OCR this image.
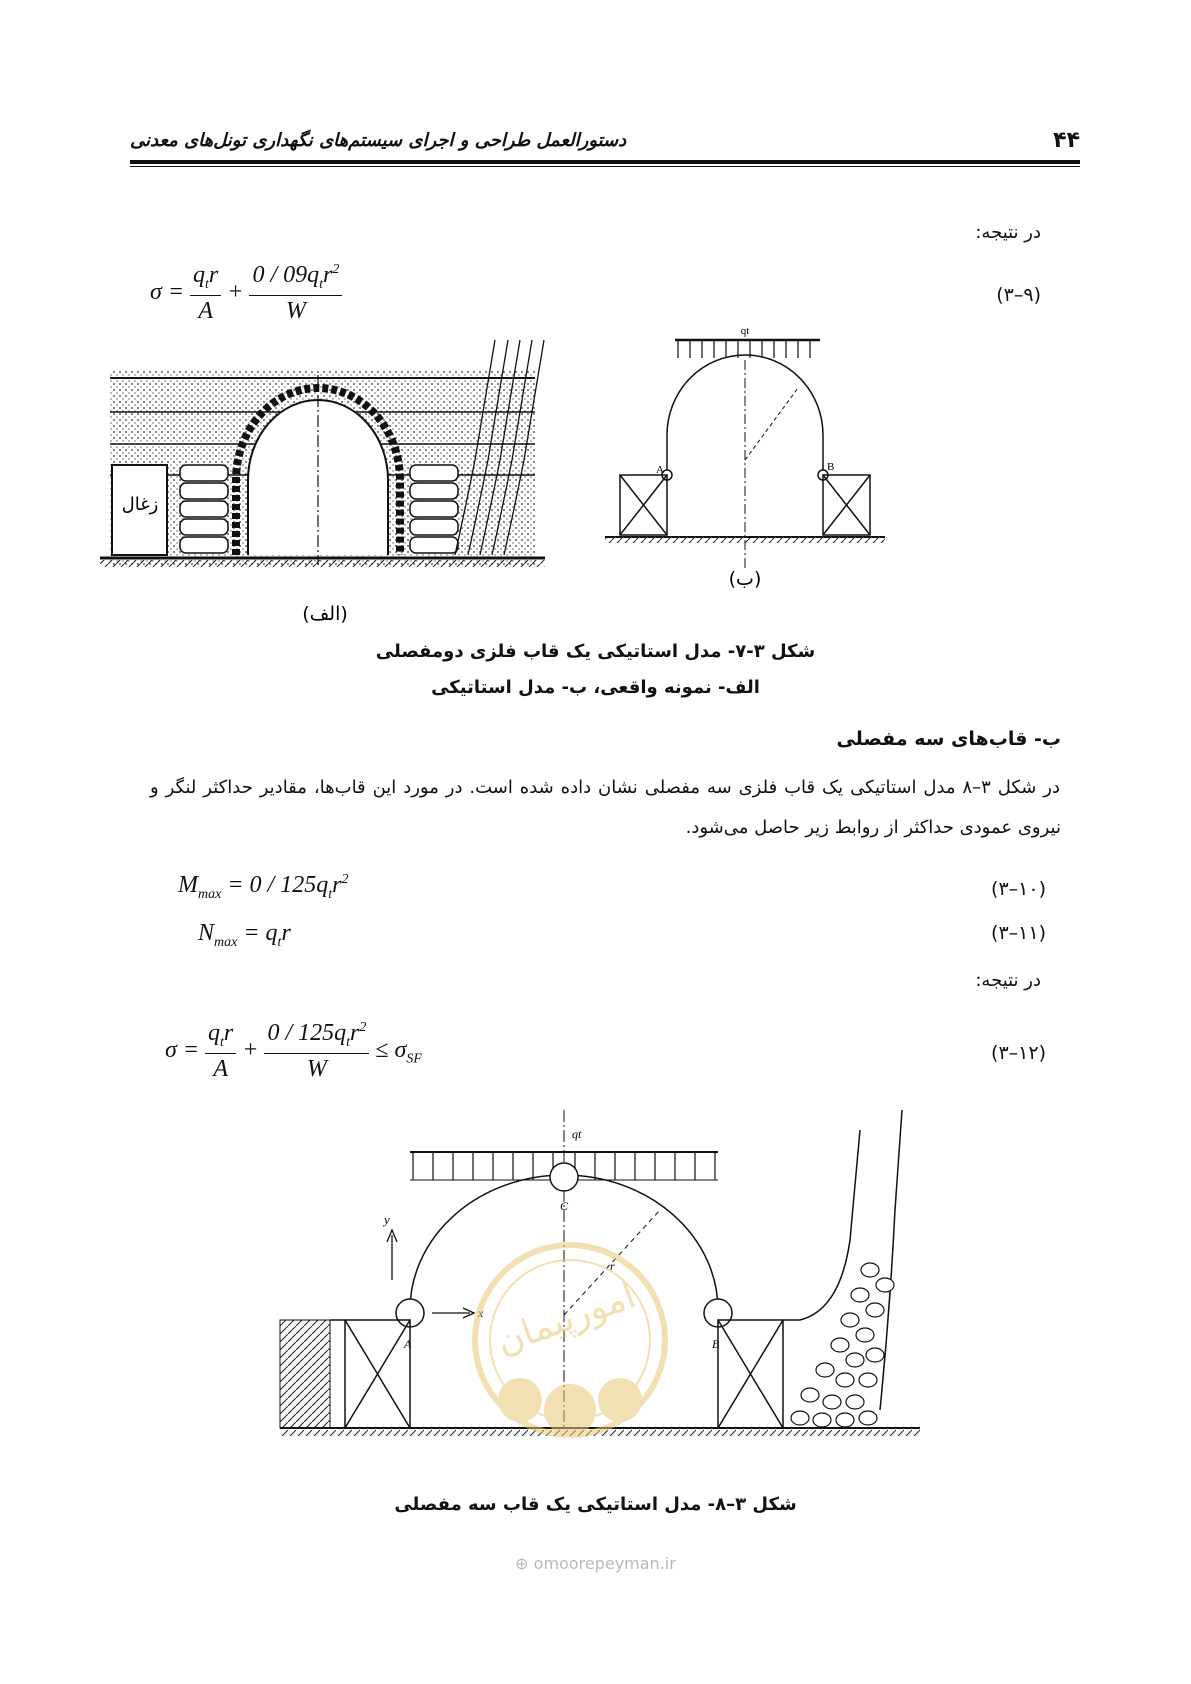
۴۴
دستورالعمل طراحی و اجرای سیستم‌های نگهداری تونل‌های معدنی
در نتیجه:
$\sigma = \frac{q_tr}{A} + \frac{0 / 09q_tr^2}{W}$	(۹–۳)
زغال
(الف)
qt
A	B
(ب)
شکل ۳-۷- مدل استاتیکی یک قاب فلزی دومفصلی
الف- نمونه واقعی، ب- مدل استاتیکی
ب- قاب‌های سه مفصلی
در شکل ۳–۸ مدل استاتیکی یک قاب فلزی سه مفصلی نشان داده شده است. در مورد این قاب‌ها، مقادیر حداکثر لنگر و
نیروی عمودی حداکثر از روابط زیر حاصل می‌شود.
$M_{max} = 0 / 125q_tr^2$	(۱۰–۳)
$N_{max} = q_tr$	(۱۱–۳)
در نتیجه:
$\sigma = \frac{q_tr}{A} + \frac{0 / 125q_tr^2}{W} \le \sigma_{SF}$	(۱۲–۳)
qt
C
A	B
r
y
x امورپیمان
شکل ۳–۸- مدل استاتیکی یک قاب سه مفصلی
⊕ omoorepeyman.ir
